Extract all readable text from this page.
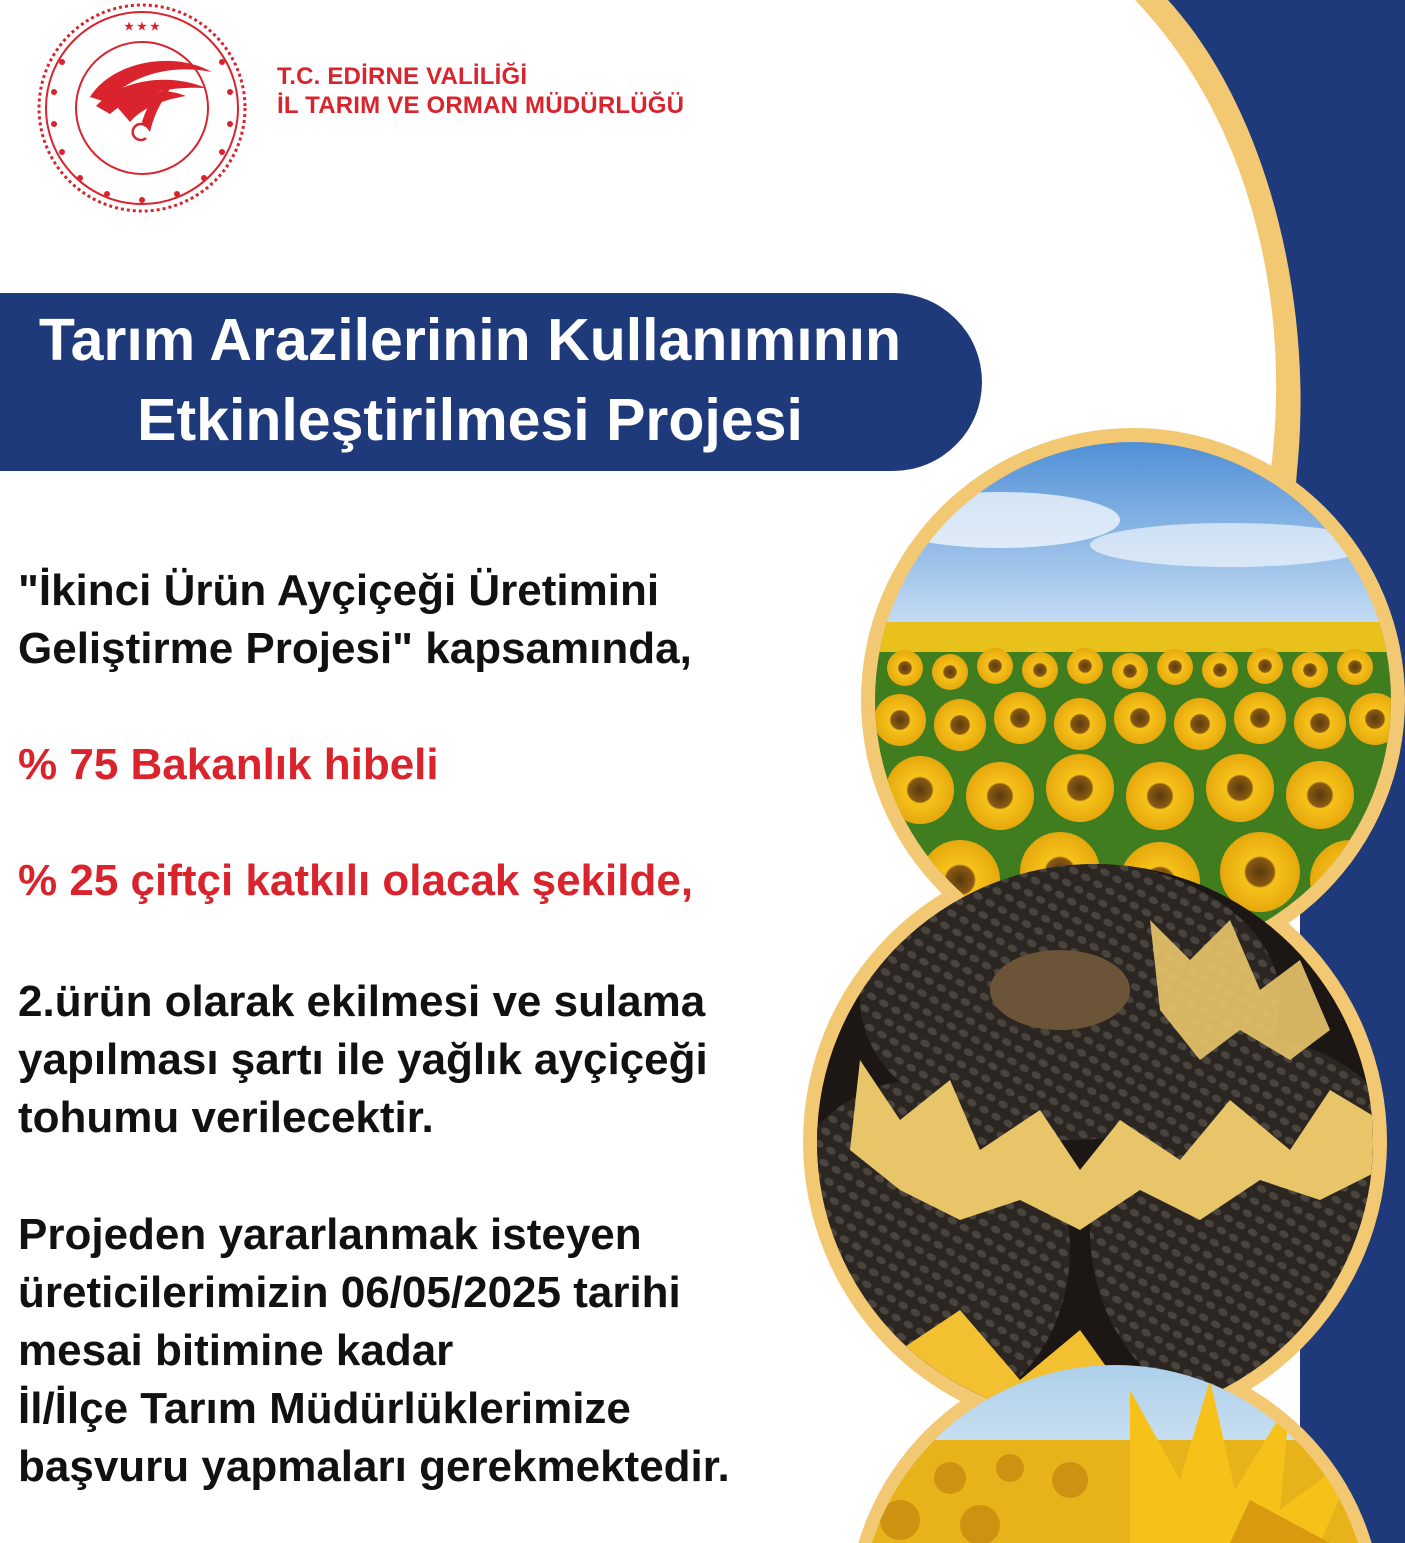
★ ★ ★
T.C. EDİRNE VALİLİĞİ
İL TARIM VE ORMAN MÜDÜRLÜĞÜ
Tarım Arazilerinin Kullanımının
Etkinleştirilmesi Projesi
"İkinci Ürün Ayçiçeği Üretimini
Geliştirme Projesi" kapsamında,
% 75 Bakanlık hibeli
% 25 çiftçi katkılı olacak şekilde,
2.ürün olarak ekilmesi ve sulama
yapılması şartı ile yağlık ayçiçeği
tohumu verilecektir.
Projeden yararlanmak isteyen
üreticilerimizin 06/05/2025 tarihi
mesai bitimine kadar
İl/İlçe Tarım Müdürlüklerimize
başvuru yapmaları gerekmektedir.
